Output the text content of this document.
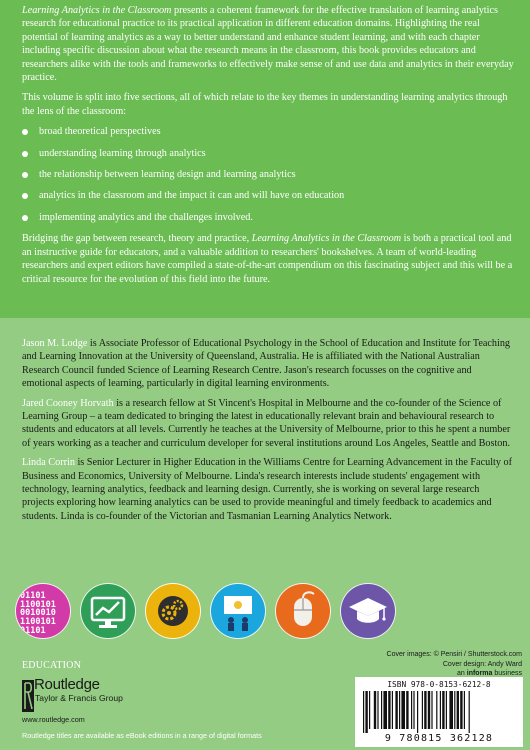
Learning Analytics in the Classroom presents a coherent framework for the effective translation of learning analytics research for educational practice to its practical application in different education domains. Highlighting the real potential of learning analytics as a way to better understand and enhance student learning, and with each chapter including specific discussion about what the research means in the classroom, this book provides educators and researchers alike with the tools and frameworks to effectively make sense of and use data and analytics in their everyday practice.

This volume is split into five sections, all of which relate to the key themes in understanding learning analytics through the lens of the classroom:

broad theoretical perspectives
understanding learning through analytics
the relationship between learning design and learning analytics
analytics in the classroom and the impact it can and will have on education
implementing analytics and the challenges involved.

Bridging the gap between research, theory and practice, Learning Analytics in the Classroom is both a practical tool and an instructive guide for educators, and a valuable addition to researchers' bookshelves. A team of world-leading researchers and expert editors have compiled a state-of-the-art compendium on this fascinating subject and this will be a critical resource for the evolution of this field into the future.

Jason M. Lodge is Associate Professor of Educational Psychology in the School of Education and Institute for Teaching and Learning Innovation at the University of Queensland, Australia. He is affiliated with the National Australian Research Council funded Science of Learning Research Centre. Jason's research focusses on the cognitive and emotional aspects of learning, particularly in digital learning environments.

Jared Cooney Horvath is a research fellow at St Vincent's Hospital in Melbourne and the co-founder of the Science of Learning Group – a team dedicated to bringing the latest in educationally relevant brain and behavioural research to students and educators at all levels. Currently he teaches at the University of Melbourne, prior to this he spent a number of years working as a teacher and curriculum developer for several institutions around Los Angeles, Seattle and Boston.

Linda Corrin is Senior Lecturer in Higher Education in the Williams Centre for Learning Advancement in the Faculty of Business and Economics, University of Melbourne. Linda's research interests include students' engagement with technology, learning analytics, feedback and learning design. Currently, she is working on several large research projects exploring how learning analytics can be used to provide meaningful and timely feedback to academics and students. Linda is co-founder of the Victorian and Tasmanian Learning Analytics Network.

01101
1100101
0010010
1100101
01101
Cover images: © Pensiri / Shutterstock.com
Cover design: Andy Ward
an informa business
EDUCATION
Routledge
Taylor & Francis Group
www.routledge.com
Routledge titles are available as eBook editions in a range of digital formats
ISBN 978-0-8153-6212-8
9 780815 362128
